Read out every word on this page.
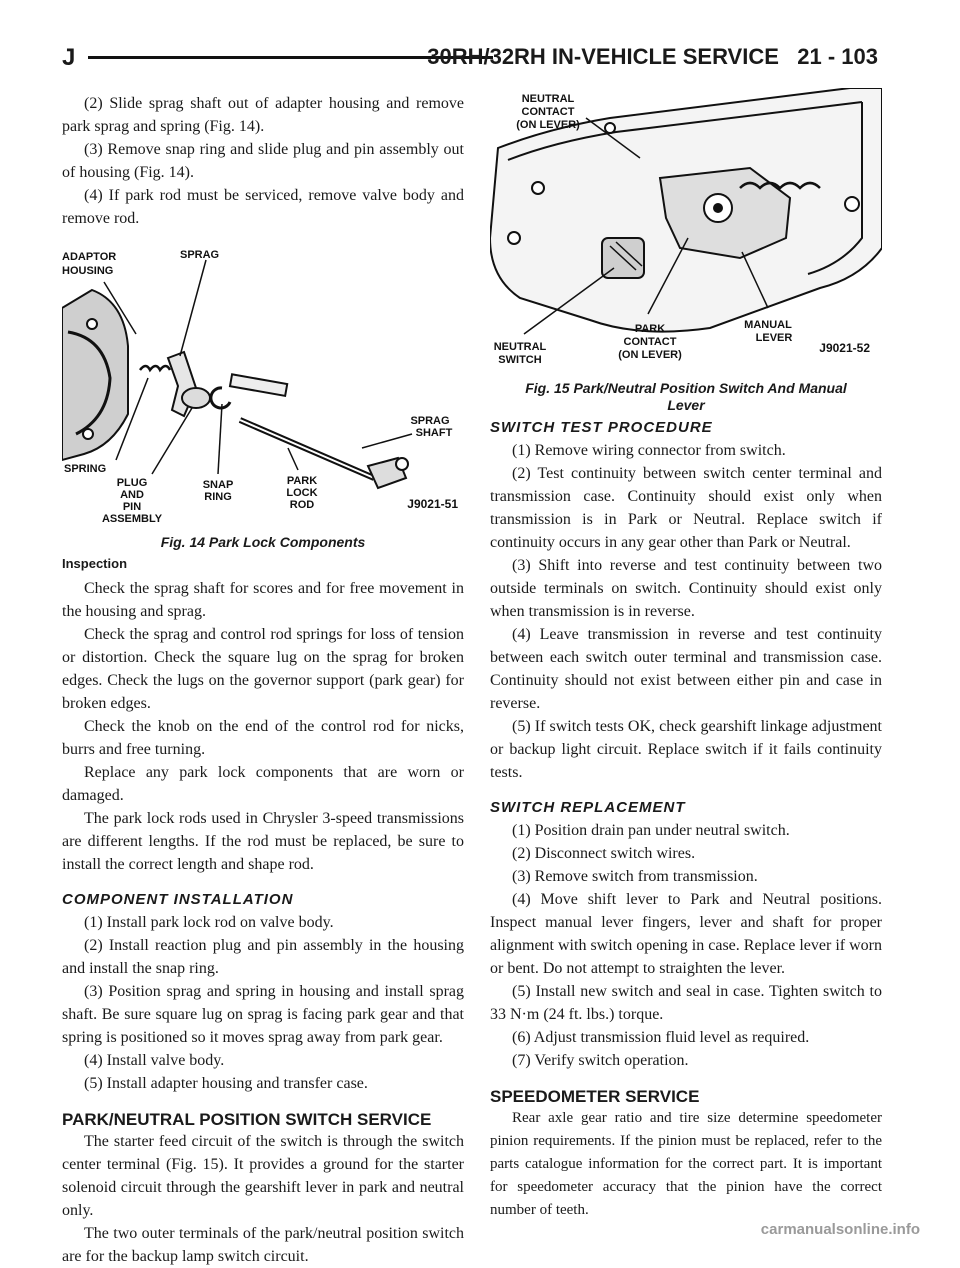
J	30RH/32RH IN-VEHICLE SERVICE 21 - 103

(2) Slide sprag shaft out of adapter housing and remove park sprag and spring (Fig. 14).

(3) Remove snap ring and slide plug and pin assembly out of housing (Fig. 14).

(4) If park rod must be serviced, remove valve body and remove rod.

ADAPTOR
HOUSING
SPRAG
SPRING
PLUG
AND
PIN
ASSEMBLY
SNAP
RING
PARK
LOCK
ROD
SPRAG
SHAFT
J9021-51
Fig. 14 Park Lock Components
Inspection

Check the sprag shaft for scores and for free movement in the housing and sprag.

Check the sprag and control rod springs for loss of tension or distortion. Check the square lug on the sprag for broken edges. Check the lugs on the governor support (park gear) for broken edges.

Check the knob on the end of the control rod for nicks, burrs and free turning.

Replace any park lock components that are worn or damaged.

The park lock rods used in Chrysler 3-speed transmissions are different lengths. If the rod must be replaced, be sure to install the correct length and shape rod.

COMPONENT INSTALLATION

(1) Install park lock rod on valve body.

(2) Install reaction plug and pin assembly in the housing and install the snap ring.

(3) Position sprag and spring in housing and install sprag shaft. Be sure square lug on sprag is facing park gear and that spring is positioned so it moves sprag away from park gear.

(4) Install valve body.

(5) Install adapter housing and transfer case.

PARK/NEUTRAL POSITION SWITCH SERVICE

The starter feed circuit of the switch is through the switch center terminal (Fig. 15). It provides a ground for the starter solenoid circuit through the gearshift lever in park and neutral only.

The two outer terminals of the park/neutral position switch are for the backup lamp switch circuit.

NEUTRAL
CONTACT
(ON LEVER)
NEUTRAL
SWITCH
PARK
CONTACT
(ON LEVER)
MANUAL
LEVER
J9021-52
Fig. 15 Park/Neutral Position Switch And Manual
Lever
SWITCH TEST PROCEDURE

(1) Remove wiring connector from switch.

(2) Test continuity between switch center terminal and transmission case. Continuity should exist only when transmission is in Park or Neutral. Replace switch if continuity occurs in any gear other than Park or Neutral.

(3) Shift into reverse and test continuity between two outside terminals on switch. Continuity should exist only when transmission is in reverse.

(4) Leave transmission in reverse and test continuity between each switch outer terminal and transmission case. Continuity should not exist between either pin and case in reverse.

(5) If switch tests OK, check gearshift linkage adjustment or backup light circuit. Replace switch if it fails continuity tests.

SWITCH REPLACEMENT

(1) Position drain pan under neutral switch.

(2) Disconnect switch wires.

(3) Remove switch from transmission.

(4) Move shift lever to Park and Neutral positions. Inspect manual lever fingers, lever and shaft for proper alignment with switch opening in case. Replace lever if worn or bent. Do not attempt to straighten the lever.

(5) Install new switch and seal in case. Tighten switch to 33 N·m (24 ft. lbs.) torque.

(6) Adjust transmission fluid level as required.

(7) Verify switch operation.

SPEEDOMETER SERVICE

Rear axle gear ratio and tire size determine speedometer pinion requirements. If the pinion must be replaced, refer to the parts catalogue information for the correct part. It is important for speedometer accuracy that the pinion have the correct number of teeth.

carmanualsonline.info
